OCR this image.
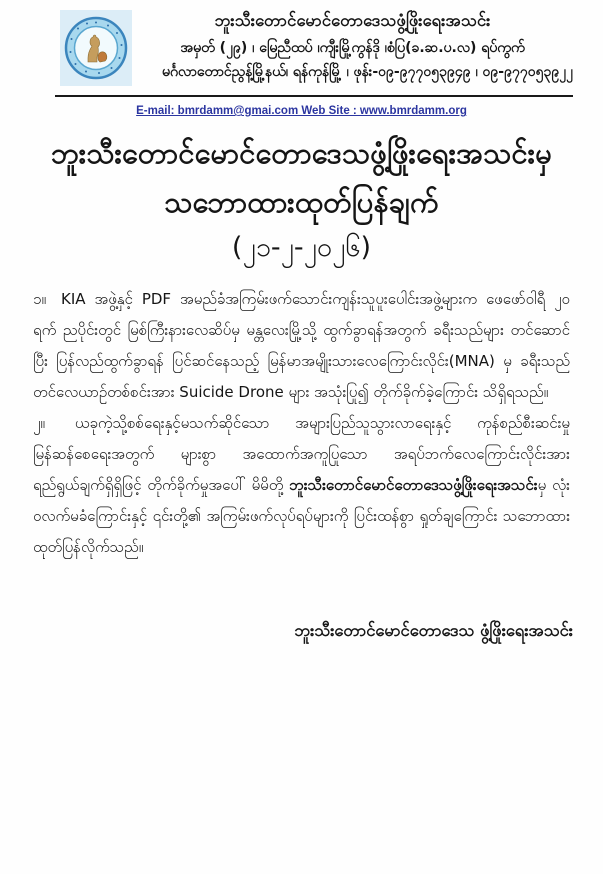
ဘူးသီးတောင်မောင်တောဒေသဖွံ့ဖြိုးရေးအသင်း
အမှတ် (၂၉) ၊ မြေညီထပ် ၊ကျီးမြို့ကွန်ဒို ၊စံပြ(ခ.ဆ.ပ.လ) ရပ်ကွက်
မင်္ဂလာတောင်ညွန့်မြို့နယ်၊ ရန်ကုန်မြို့ ၊ ဖုန်း-၀၉-၉၇၇၀၅၃၉၄၉ ၊ ၀၉-၉၇၇၀၅၃၉၂၂
E-mail: bmrdamm@gmai.com Web Site : www.bmrdamm.org
ဘူးသီးတောင်မောင်တောဒေသဖွံ့ဖြိုးရေးအသင်းမှ
သဘောထားထုတ်ပြန်ချက်
(၂၁-၂-၂၀၂၆)

၁။ KIA အဖွဲ့နှင့် PDF အမည်ခံအကြမ်းဖက်သောင်းကျန်းသူပူးပေါင်းအဖွဲ့များက ဖေဖော်ဝါရီ ၂၀ ရက် ညပိုင်းတွင် မြစ်ကြီးနားလေဆိပ်မှ မန္တလေးမြို့သို့ ထွက်ခွာရန်အတွက် ခရီးသည်များ တင်ဆောင်ပြီး ပြန်လည်ထွက်ခွာရန် ပြင်ဆင်နေသည့် မြန်မာအမျိုးသားလေကြောင်းလိုင်း(MNA) မှ ခရီးသည်တင်လေယာဉ်တစ်စင်းအား Suicide Drone များ အသုံးပြု၍ တိုက်ခိုက်ခဲ့ကြောင်း သိရှိရသည်။

၂။  ယခုကဲ့သို့စစ်ရေးနှင့်မသက်ဆိုင်သော အများပြည်သူသွားလာရေးနှင့် ကုန်စည်စီးဆင်းမှု မြန်ဆန်စေရေးအတွက် များစွာ အထောက်အကူပြုသော အရပ်ဘက်လေကြောင်းလိုင်းအား ရည်ရွယ်ချက်ရှိရှိဖြင့် တိုက်ခိုက်မှုအပေါ် မိမိတို့ ဘူးသီးတောင်မောင်တောဒေသဖွံ့ဖြိုးရေးအသင်းမှ လုံးဝလက်မခံကြောင်းနှင့် ၎င်းတို့၏ အကြမ်းဖက်လုပ်ရပ်များကို ပြင်းထန်စွာ ရှုတ်ချကြောင်း သဘောထားထုတ်ပြန်လိုက်သည်။

ဘူးသီးတောင်မောင်တောဒေသ ဖွံ့ဖြိုးရေးအသင်း
